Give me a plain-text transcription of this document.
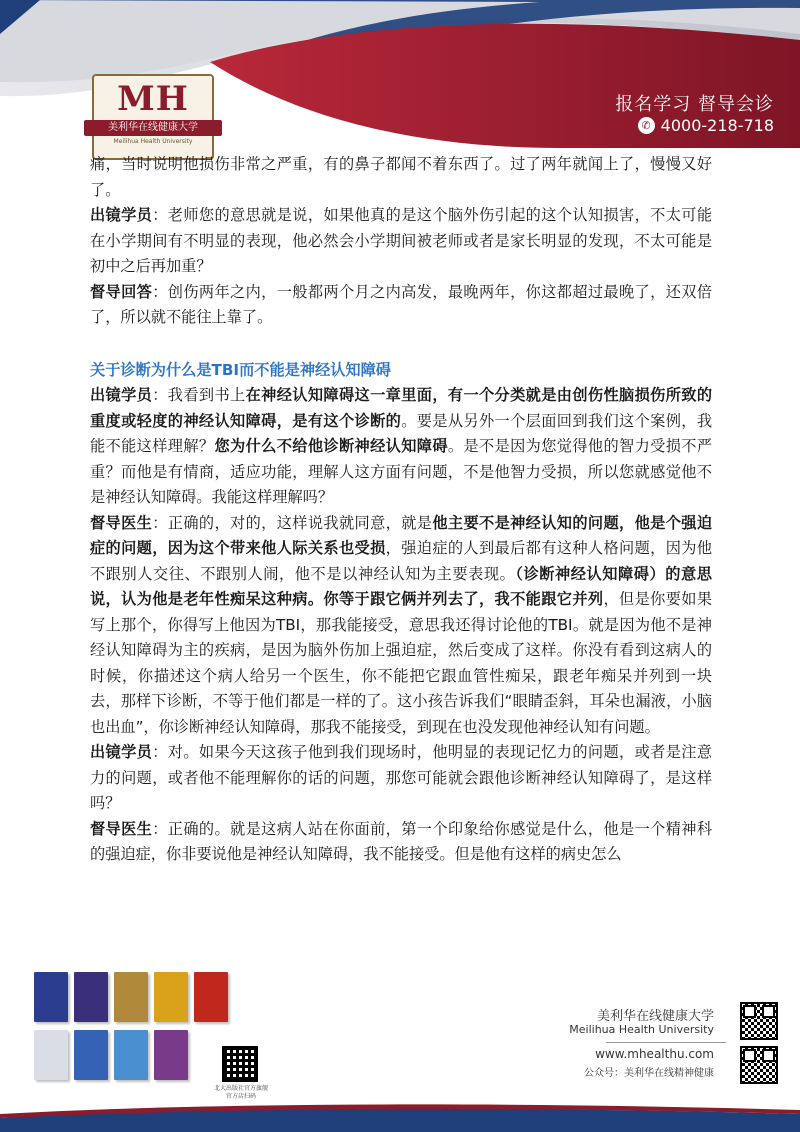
MH
美利华在线健康大学
Meilihua Health University
报名学习 督导会诊
✆ 4000-218-718

痛，当时说明他损伤非常之严重，有的鼻子都闻不着东西了。过了两年就闻上了，慢慢又好了。

出镜学员：老师您的意思就是说，如果他真的是这个脑外伤引起的这个认知损害，不太可能在小学期间有不明显的表现，他必然会小学期间被老师或者是家长明显的发现，不太可能是初中之后再加重？

督导回答：创伤两年之内，一般都两个月之内高发，最晚两年，你这都超过最晚了，还双倍了，所以就不能往上靠了。

关于诊断为什么是TBI而不能是神经认知障碍

出镜学员：我看到书上在神经认知障碍这一章里面，有一个分类就是由创伤性脑损伤所致的重度或轻度的神经认知障碍，是有这个诊断的。要是从另外一个层面回到我们这个案例，我能不能这样理解？您为什么不给他诊断神经认知障碍。是不是因为您觉得他的智力受损不严重？而他是有情商，适应功能，理解人这方面有问题，不是他智力受损，所以您就感觉他不是神经认知障碍。我能这样理解吗？

督导医生：正确的，对的，这样说我就同意，就是他主要不是神经认知的问题，他是个强迫症的问题，因为这个带来他人际关系也受损，强迫症的人到最后都有这种人格问题，因为他不跟别人交往、不跟别人闹，他不是以神经认知为主要表现。（诊断神经认知障碍）的意思说，认为他是老年性痴呆这种病。你等于跟它俩并列去了，我不能跟它并列，但是你要如果写上那个，你得写上他因为TBI，那我能接受，意思我还得讨论他的TBI。就是因为他不是神经认知障碍为主的疾病，是因为脑外伤加上强迫症，然后变成了这样。你没有看到这病人的时候，你描述这个病人给另一个医生，你不能把它跟血管性痴呆，跟老年痴呆并列到一块去，那样下诊断，不等于他们都是一样的了。这小孩告诉我们“眼睛歪斜，耳朵也漏液，小脑也出血”，你诊断神经认知障碍，那我不能接受，到现在也没发现他神经认知有问题。

出镜学员：对。如果今天这孩子他到我们现场时，他明显的表现记忆力的问题，或者是注意力的问题，或者他不能理解你的话的问题，那您可能就会跟他诊断神经认知障碍了，是这样吗？

督导医生：正确的。就是这病人站在你面前，第一个印象给你感觉是什么，他是一个精神科的强迫症，你非要说他是神经认知障碍，我不能接受。但是他有这样的病史怎么

北大出版社官方旗舰 官方店扫码
美利华在线健康大学
Meilihua Health University
www.mhealthu.com
公众号：美利华在线精神健康
